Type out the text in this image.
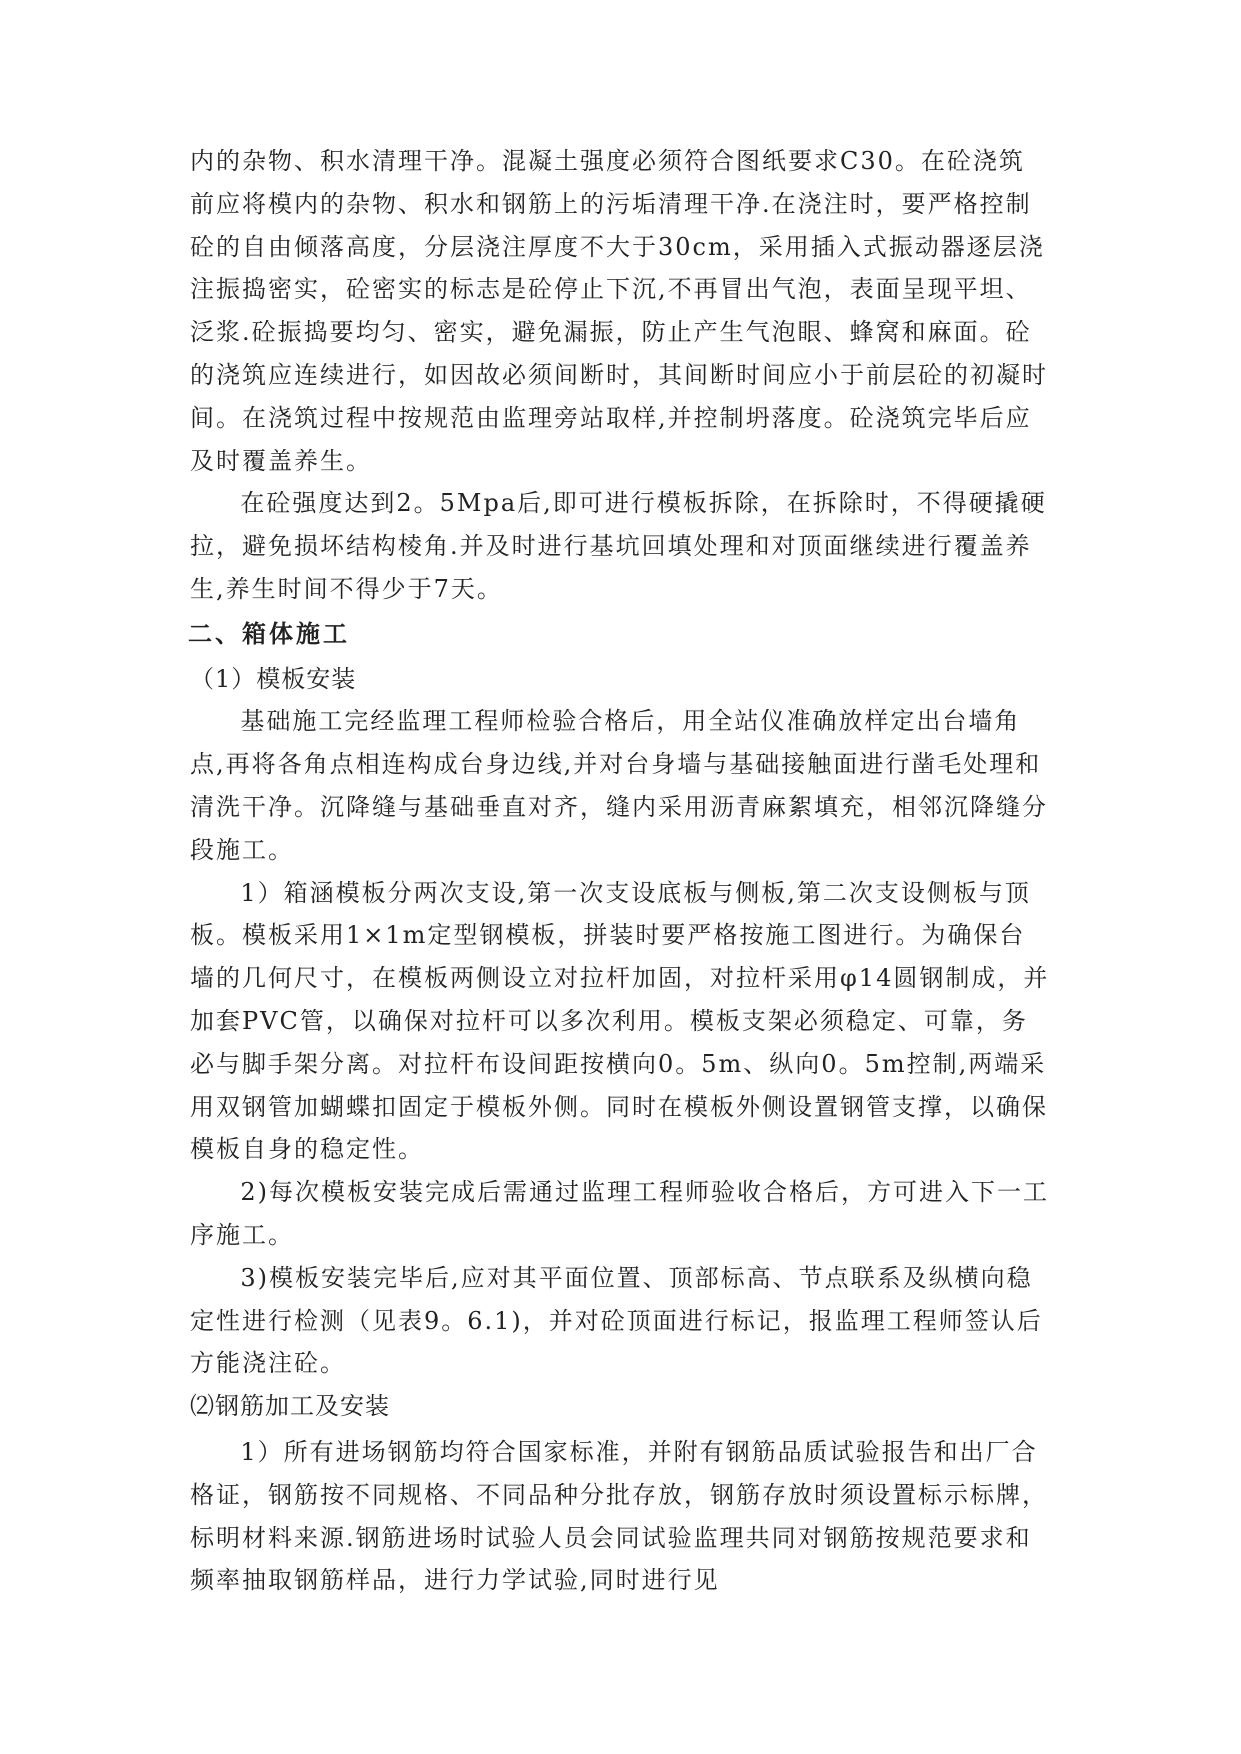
内的杂物、积水清理干净。混凝土强度必须符合图纸要求C30。在砼浇筑前应将模内的杂物、积水和钢筋上的污垢清理干净.在浇注时，要严格控制砼的自由倾落高度，分层浇注厚度不大于30cm，采用插入式振动器逐层浇注振捣密实，砼密实的标志是砼停止下沉,不再冒出气泡，表面呈现平坦、泛浆.砼振捣要均匀、密实，避免漏振，防止产生气泡眼、蜂窝和麻面。砼的浇筑应连续进行，如因故必须间断时，其间断时间应小于前层砼的初凝时间。在浇筑过程中按规范由监理旁站取样,并控制坍落度。砼浇筑完毕后应及时覆盖养生。

在砼强度达到2。5Mpa后,即可进行模板拆除，在拆除时，不得硬撬硬拉，避免损坏结构棱角.并及时进行基坑回填处理和对顶面继续进行覆盖养生,养生时间不得少于7天。

二、箱体施工

（1）模板安装

基础施工完经监理工程师检验合格后，用全站仪准确放样定出台墙角点,再将各角点相连构成台身边线,并对台身墙与基础接触面进行凿毛处理和清洗干净。沉降缝与基础垂直对齐，缝内采用沥青麻絮填充，相邻沉降缝分段施工。

1）箱涵模板分两次支设,第一次支设底板与侧板,第二次支设侧板与顶板。模板采用1×1m定型钢模板，拼装时要严格按施工图进行。为确保台墙的几何尺寸，在模板两侧设立对拉杆加固，对拉杆采用φ14圆钢制成，并加套PVC管，以确保对拉杆可以多次利用。模板支架必须稳定、可靠，务必与脚手架分离。对拉杆布设间距按横向0。5m、纵向0。5m控制,两端采用双钢管加蝴蝶扣固定于模板外侧。同时在模板外侧设置钢管支撑，以确保模板自身的稳定性。

2)每次模板安装完成后需通过监理工程师验收合格后，方可进入下一工序施工。

3)模板安装完毕后,应对其平面位置、顶部标高、节点联系及纵横向稳定性进行检测（见表9。6.1)，并对砼顶面进行标记，报监理工程师签认后方能浇注砼。

⑵钢筋加工及安装

1）所有进场钢筋均符合国家标准，并附有钢筋品质试验报告和出厂合格证，钢筋按不同规格、不同品种分批存放，钢筋存放时须设置标示标牌，标明材料来源.钢筋进场时试验人员会同试验监理共同对钢筋按规范要求和频率抽取钢筋样品，进行力学试验,同时进行见
